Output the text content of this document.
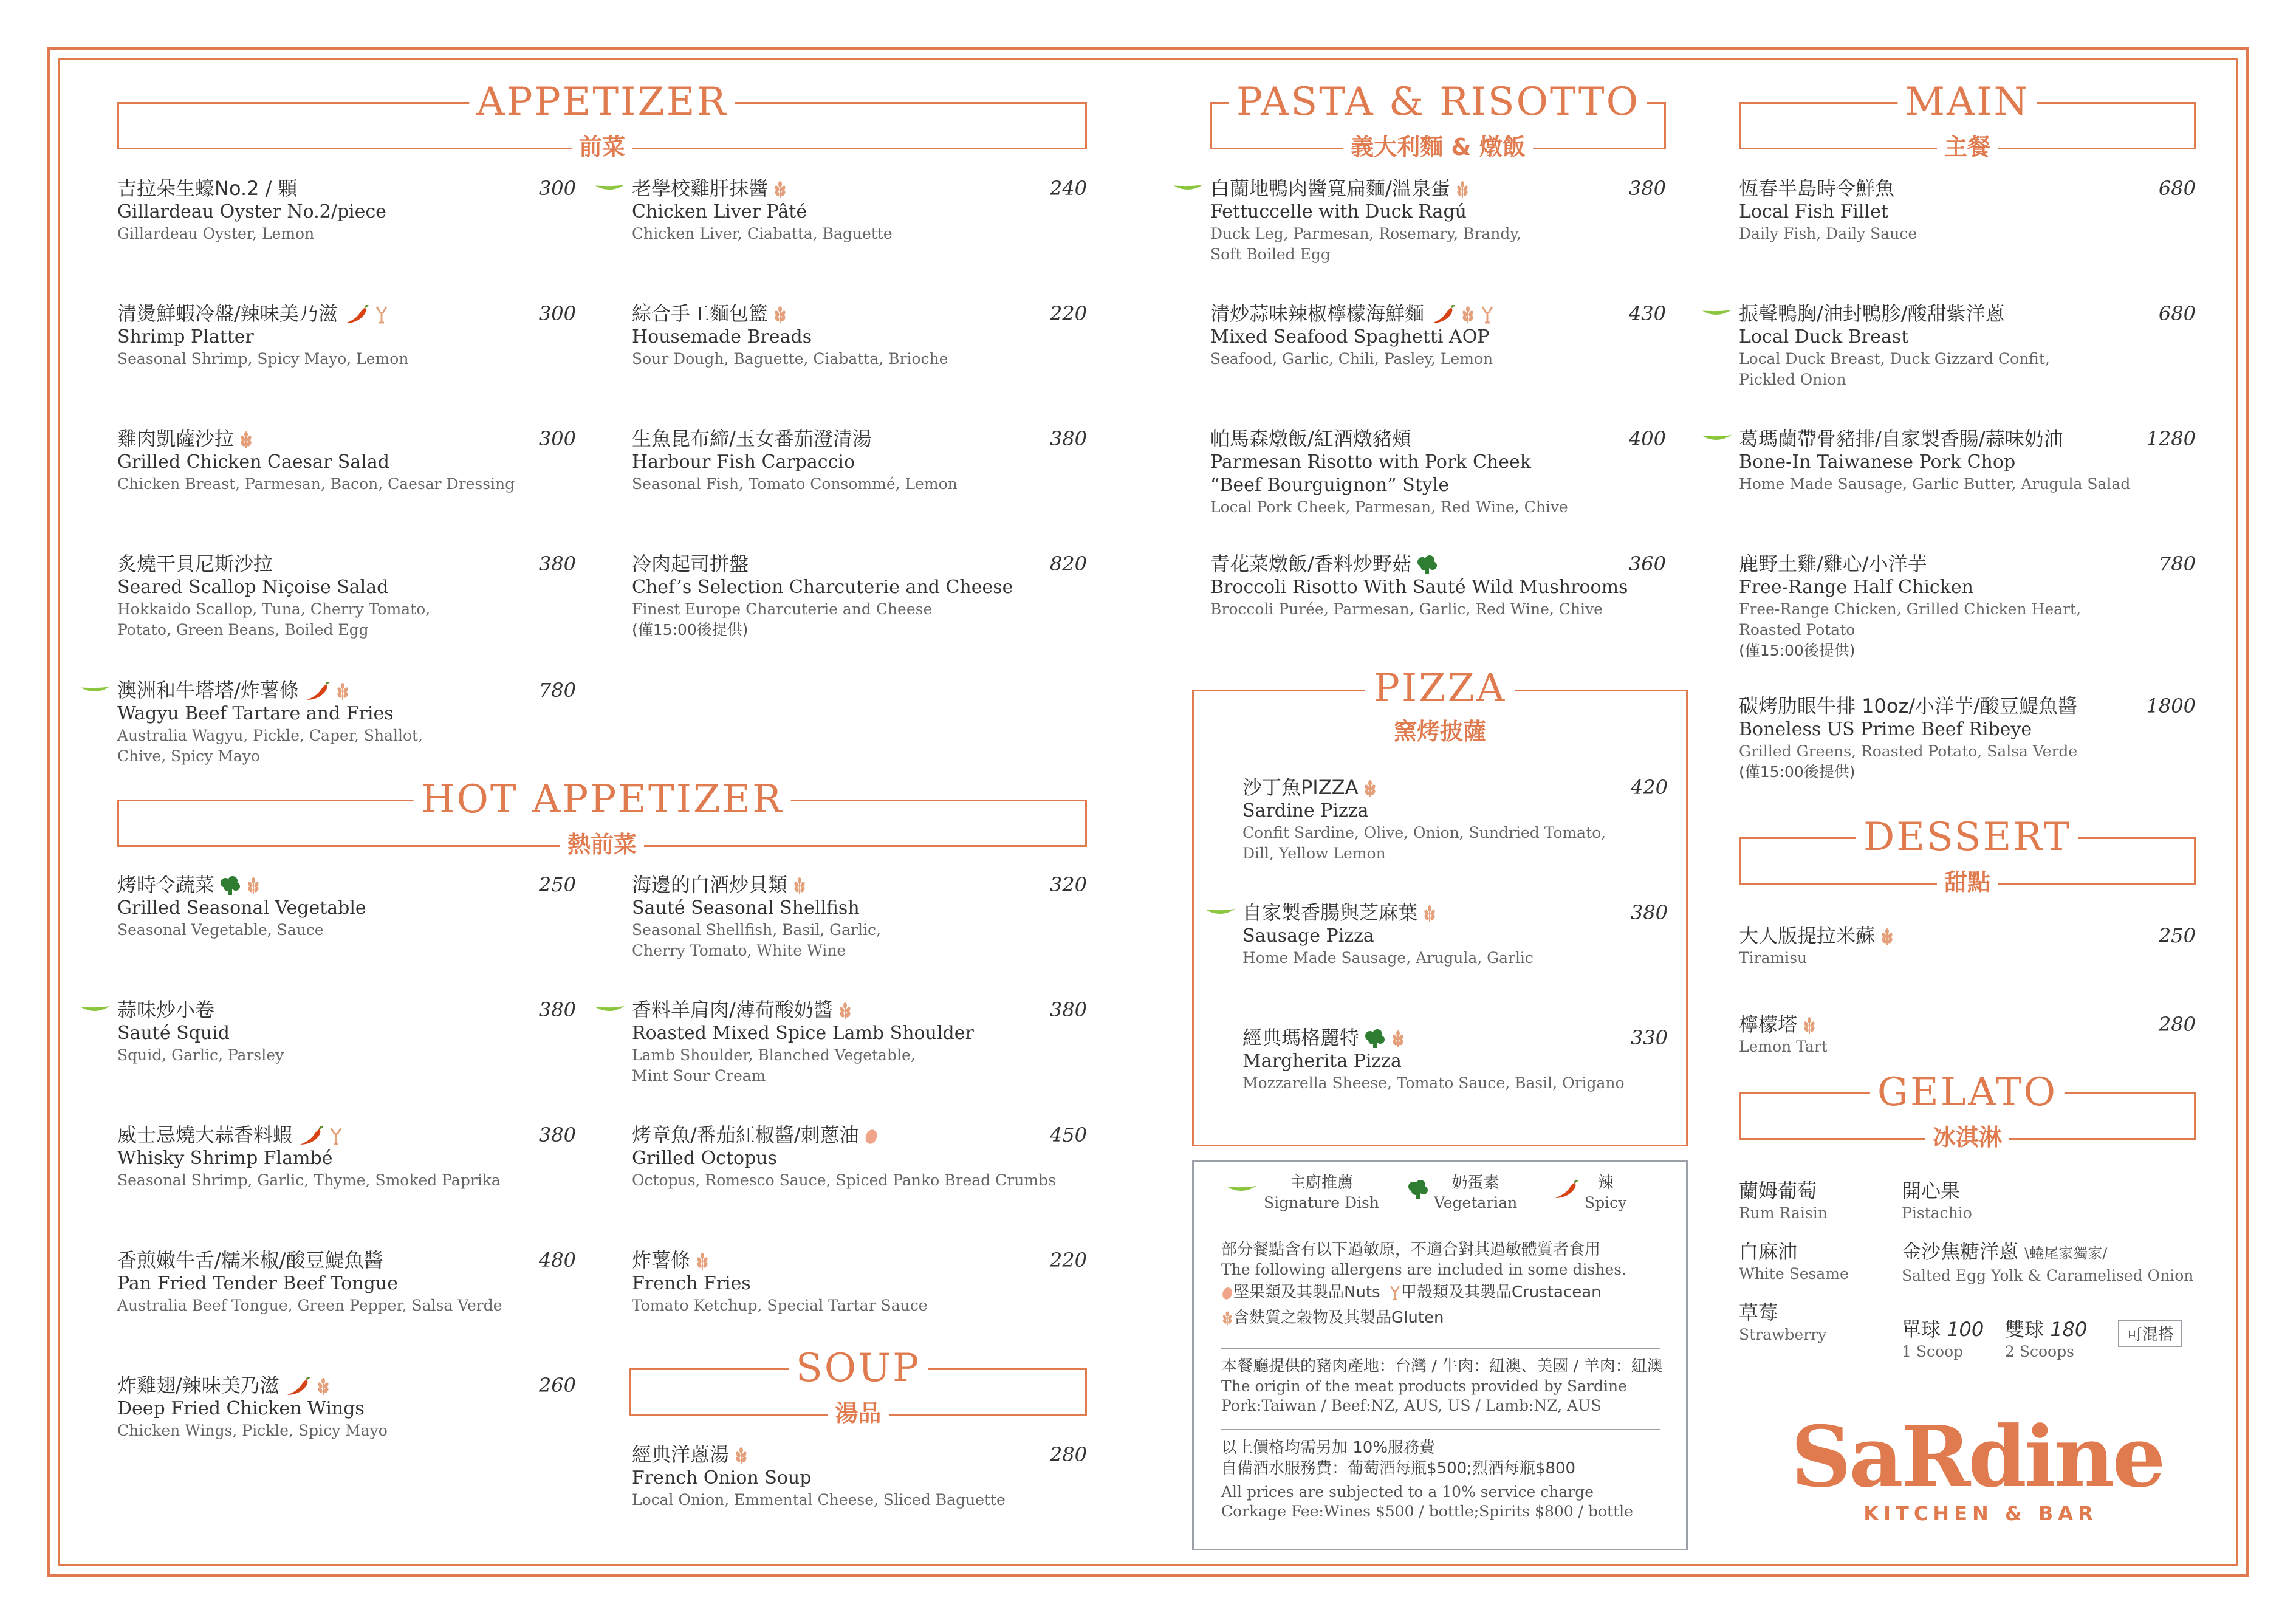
APPETIZER
前菜
吉拉朵生蠔No.2 / 顆
Gillardeau Oyster No.2/piece
Gillardeau Oyster, Lemon
300
清燙鮮蝦冷盤/辣味美乃滋
Shrimp Platter
Seasonal Shrimp, Spicy Mayo, Lemon
300
雞肉凱薩沙拉
Grilled Chicken Caesar Salad
Chicken Breast, Parmesan, Bacon, Caesar Dressing
300
炙燒干貝尼斯沙拉
Seared Scallop Niçoise Salad
Hokkaido Scallop, Tuna, Cherry Tomato,
Potato, Green Beans, Boiled Egg
380
澳洲和牛塔塔/炸薯條
Wagyu Beef Tartare and Fries
Australia Wagyu, Pickle, Caper, Shallot,
Chive, Spicy Mayo
780
老學校雞肝抹醬
Chicken Liver Pâté
Chicken Liver, Ciabatta, Baguette
240
綜合手工麵包籃
Housemade Breads
Sour Dough, Baguette, Ciabatta, Brioche
220
生魚昆布締/玉女番茄澄清湯
Harbour Fish Carpaccio
Seasonal Fish, Tomato Consommé, Lemon
380
冷肉起司拼盤
Chef’s Selection Charcuterie and Cheese
Finest Europe Charcuterie and Cheese
(僅15:00後提供)
820
HOT APPETIZER
熱前菜
烤時令蔬菜
Grilled Seasonal Vegetable
Seasonal Vegetable, Sauce
250
蒜味炒小卷
Sauté Squid
Squid, Garlic, Parsley
380
威士忌燒大蒜香料蝦
Whisky Shrimp Flambé
Seasonal Shrimp, Garlic, Thyme, Smoked Paprika
380
香煎嫩牛舌/糯米椒/酸豆鯷魚醬
Pan Fried Tender Beef Tongue
Australia Beef Tongue, Green Pepper, Salsa Verde
480
炸雞翅/辣味美乃滋
Deep Fried Chicken Wings
Chicken Wings, Pickle, Spicy Mayo
260
海邊的白酒炒貝類
Sauté Seasonal Shellfish
Seasonal Shellfish, Basil, Garlic,
Cherry Tomato, White Wine
320
香料羊肩肉/薄荷酸奶醬
Roasted Mixed Spice Lamb Shoulder
Lamb Shoulder, Blanched Vegetable,
Mint Sour Cream
380
烤章魚/番茄紅椒醬/刺蔥油
Grilled Octopus
Octopus, Romesco Sauce, Spiced Panko Bread Crumbs
450
炸薯條
French Fries
Tomato Ketchup, Special Tartar Sauce
220
SOUP
湯品
經典洋蔥湯
French Onion Soup
Local Onion, Emmental Cheese, Sliced Baguette
280
PASTA & RISOTTO
義大利麵 & 燉飯
白蘭地鴨肉醬寬扁麵/溫泉蛋
Fettuccelle with Duck Ragú
Duck Leg, Parmesan, Rosemary, Brandy,
Soft Boiled Egg
380
清炒蒜味辣椒檸檬海鮮麵
Mixed Seafood Spaghetti AOP
Seafood, Garlic, Chili, Pasley, Lemon
430
帕馬森燉飯/紅酒燉豬頰
Parmesan Risotto with Pork Cheek
“Beef Bourguignon” Style
Local Pork Cheek, Parmesan, Red Wine, Chive
400
青花菜燉飯/香料炒野菇
Broccoli Risotto With Sauté Wild Mushrooms
Broccoli Purée, Parmesan, Garlic, Red Wine, Chive
360
PIZZA
窯烤披薩
沙丁魚PIZZA
Sardine Pizza
Confit Sardine, Olive, Onion, Sundried Tomato,
Dill, Yellow Lemon
420
自家製香腸與芝麻葉
Sausage Pizza
Home Made Sausage, Arugula, Garlic
380
經典瑪格麗特
Margherita Pizza
Mozzarella Sheese, Tomato Sauce, Basil, Origano
330
主廚推薦
Signature Dish
奶蛋素
Vegetarian
辣
Spicy
部分餐點含有以下過敏原，不適合對其過敏體質者食用
The following allergens are included in some dishes.
堅果類及其製品Nuts 甲殼類及其製品Crustacean
含麩質之穀物及其製品Gluten
本餐廳提供的豬肉產地：台灣 / 牛肉：紐澳、美國 / 羊肉：紐澳
The origin of the meat products provided by Sardine
Pork:Taiwan / Beef:NZ, AUS, US / Lamb:NZ, AUS
以上價格均需另加 10%服務費
自備酒水服務費：葡萄酒每瓶$500;烈酒每瓶$800
All prices are subjected to a 10% service charge
Corkage Fee:Wines $500 / bottle;Spirits $800 / bottle
MAIN
主餐
恆春半島時令鮮魚
Local Fish Fillet
Daily Fish, Daily Sauce
680
振聲鴨胸/油封鴨胗/酸甜紫洋蔥
Local Duck Breast
Local Duck Breast, Duck Gizzard Confit,
Pickled Onion
680
葛瑪蘭帶骨豬排/自家製香腸/蒜味奶油
Bone-In Taiwanese Pork Chop
Home Made Sausage, Garlic Butter, Arugula Salad
1280
鹿野土雞/雞心/小洋芋
Free-Range Half Chicken
Free-Range Chicken, Grilled Chicken Heart,
Roasted Potato
(僅15:00後提供)
780
碳烤肋眼牛排 10oz/小洋芋/酸豆鯷魚醬
Boneless US Prime Beef Ribeye
Grilled Greens, Roasted Potato, Salsa Verde
(僅15:00後提供)
1800
DESSERT
甜點
大人版提拉米蘇
Tiramisu
250
檸檬塔
Lemon Tart
280
GELATO
冰淇淋
蘭姆葡萄
Rum Raisin
開心果
Pistachio
白麻油
White Sesame
金沙焦糖洋蔥 \蜷尾家獨家/
Salted Egg Yolk & Caramelised Onion
草莓
Strawberry	單球 100
1 Scoop
雙球 180
2 Scoops
可混搭
SaRdine
KITCHEN & BAR
